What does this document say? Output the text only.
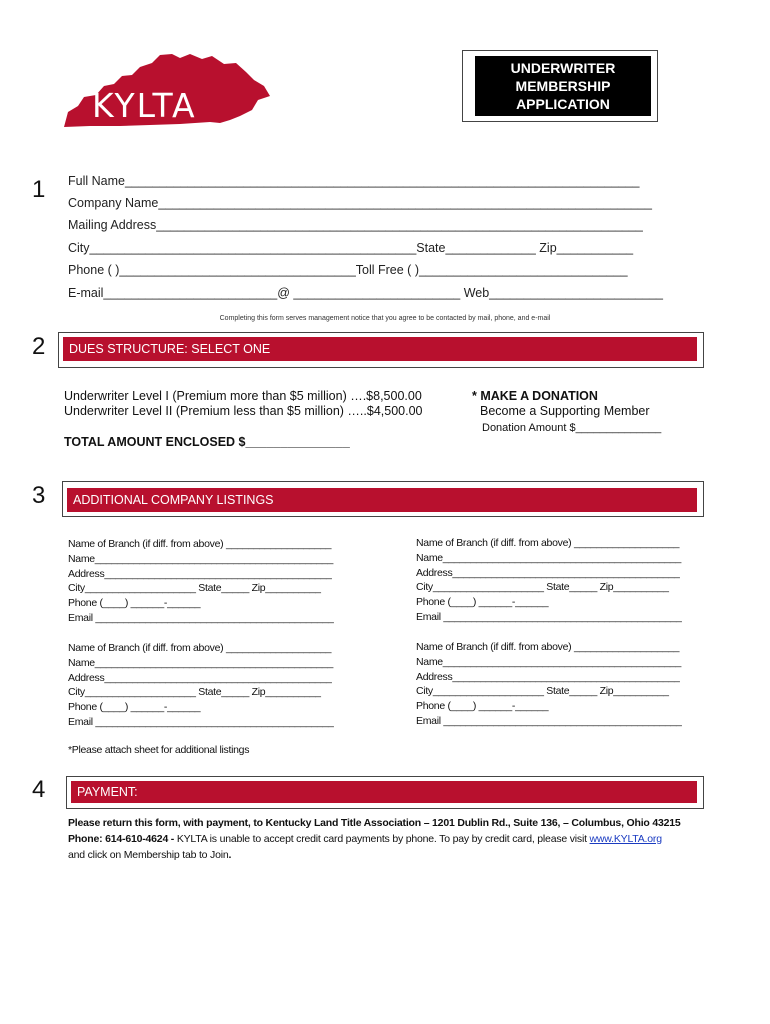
KYLTA
UNDERWRITER
MEMBERSHIP
APPLICATION
1 Full Name__________________________________________________________________________
Company Name_______________________________________________________________________
Mailing Address______________________________________________________________________
City_______________________________________________State_____________ Zip___________
Phone ( )__________________________________Toll Free ( )______________________________
E-mail_________________________@ ________________________ Web_________________________
Completing this form serves management notice that you agree to be contacted by mail, phone, and e-mail
2	DUES STRUCTURE: SELECT ONE
Underwriter Level I (Premium more than $5 million) ….$8,500.00
Underwriter Level II (Premium less than $5 million) …..$4,500.00
TOTAL AMOUNT ENCLOSED $_______________
* MAKE A DONATION
Become a Supporting Member
Donation Amount $______________
3	ADDITIONAL COMPANY LISTINGS
Name of Branch (if diff. from above) ___________________
Name___________________________________________
Address_________________________________________
City____________________ State_____ Zip__________
Phone (____) ______-______
Email ___________________________________________
Name of Branch (if diff. from above) ___________________
Name___________________________________________
Address_________________________________________
City____________________ State_____ Zip__________
Phone (____) ______-______
Email ___________________________________________
Name of Branch (if diff. from above) ___________________
Name___________________________________________
Address_________________________________________
City____________________ State_____ Zip__________
Phone (____) ______-______
Email ___________________________________________
Name of Branch (if diff. from above) ___________________
Name___________________________________________
Address_________________________________________
City____________________ State_____ Zip__________
Phone (____) ______-______
Email ___________________________________________
*Please attach sheet for additional listings
4	PAYMENT:
Please return this form, with payment, to Kentucky Land Title Association – 1201 Dublin Rd., Suite 136, – Columbus, Ohio 43215
Phone: 614-610-4624 - KYLTA is unable to accept credit card payments by phone. To pay by credit card, please visit www.KYLTA.org
and click on Membership tab to Join.
